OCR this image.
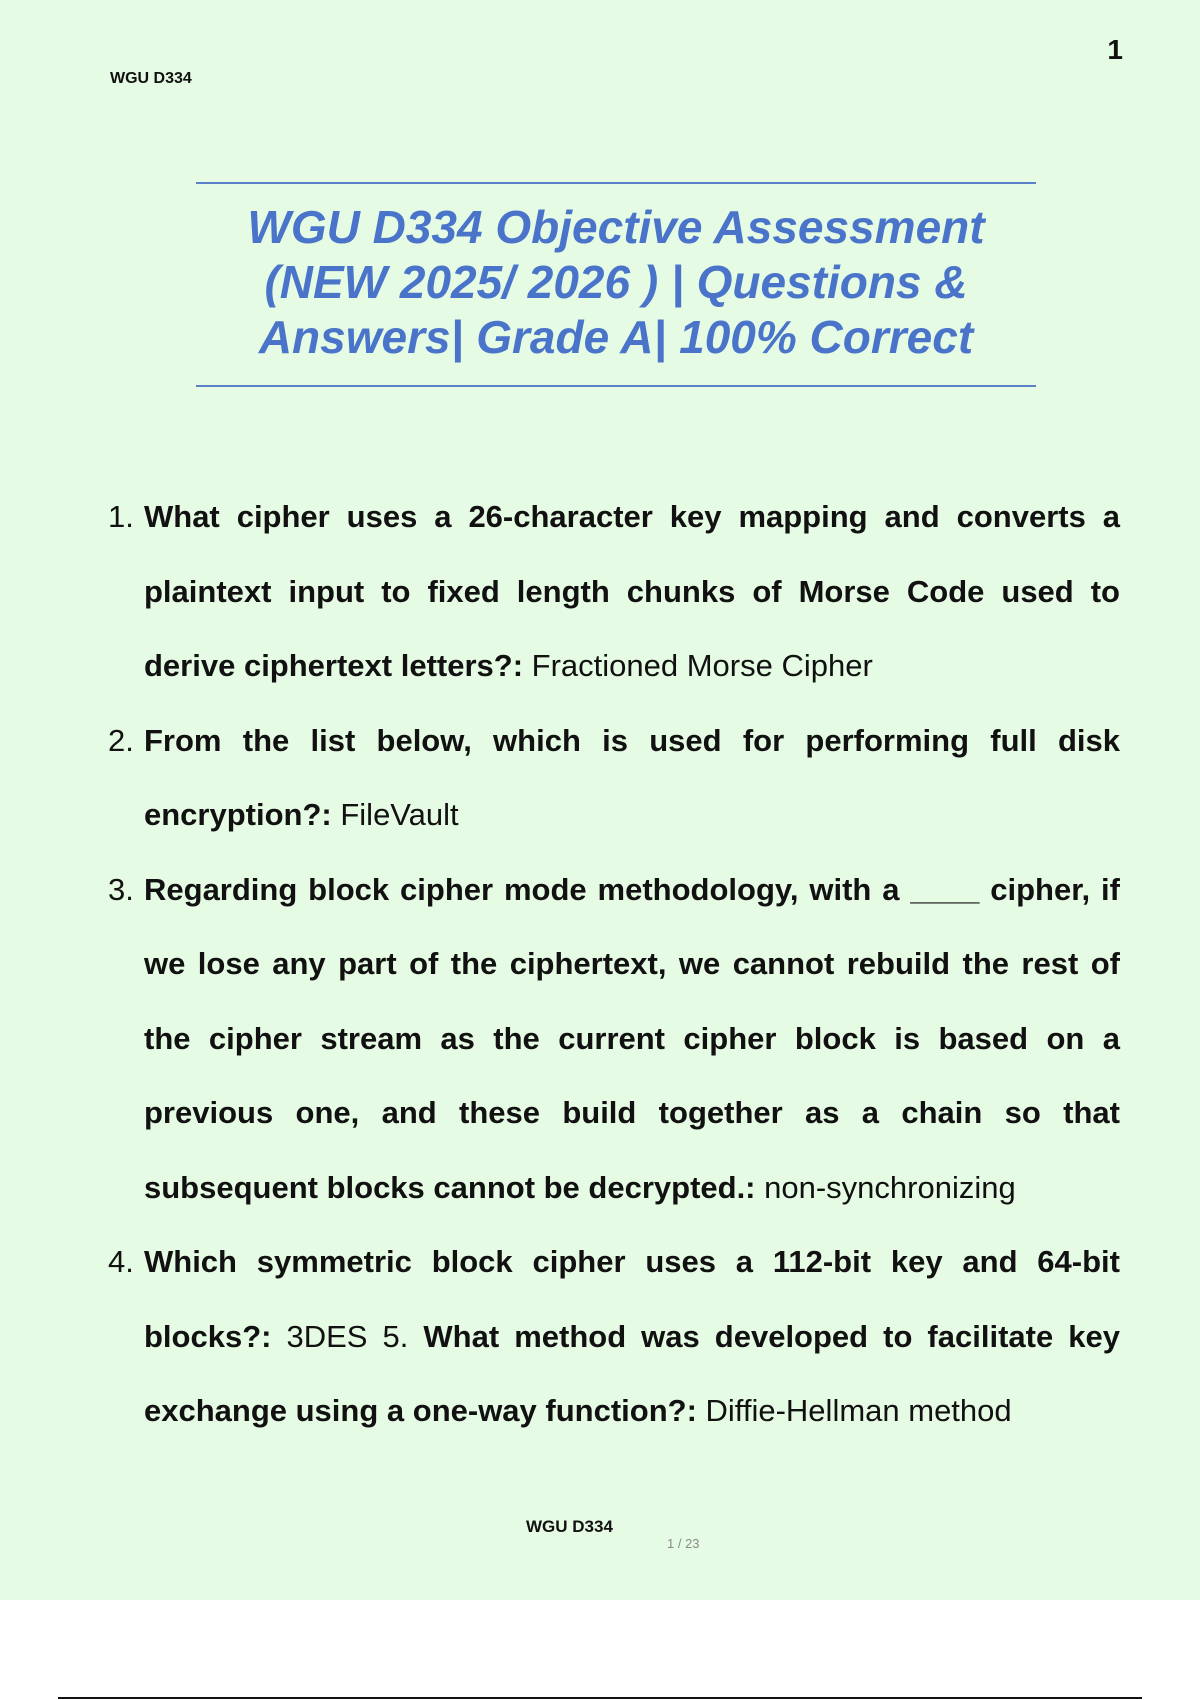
WGU D334
1
WGU D334 Objective Assessment
(NEW 2025/ 2026 ) | Questions &
Answers| Grade A| 100% Correct
1. What cipher uses a 26-character key mapping and converts a plaintext input to fixed length chunks of Morse Code used to derive ciphertext letters?: Fractioned Morse Cipher
2. From the list below, which is used for performing full disk encryption?: FileVault
3. Regarding block cipher mode methodology, with a ____ cipher, if we lose any part of the ciphertext, we cannot rebuild the rest of the cipher stream as the current cipher block is based on a previous one, and these build together as a chain so that subsequent blocks cannot be decrypted.: non-synchronizing
4. Which symmetric block cipher uses a 112-bit key and 64-bit blocks?: 3DES 5. What method was developed to facilitate key exchange using a one-way function?: Diffie-Hellman method
WGU D334
1 / 23
